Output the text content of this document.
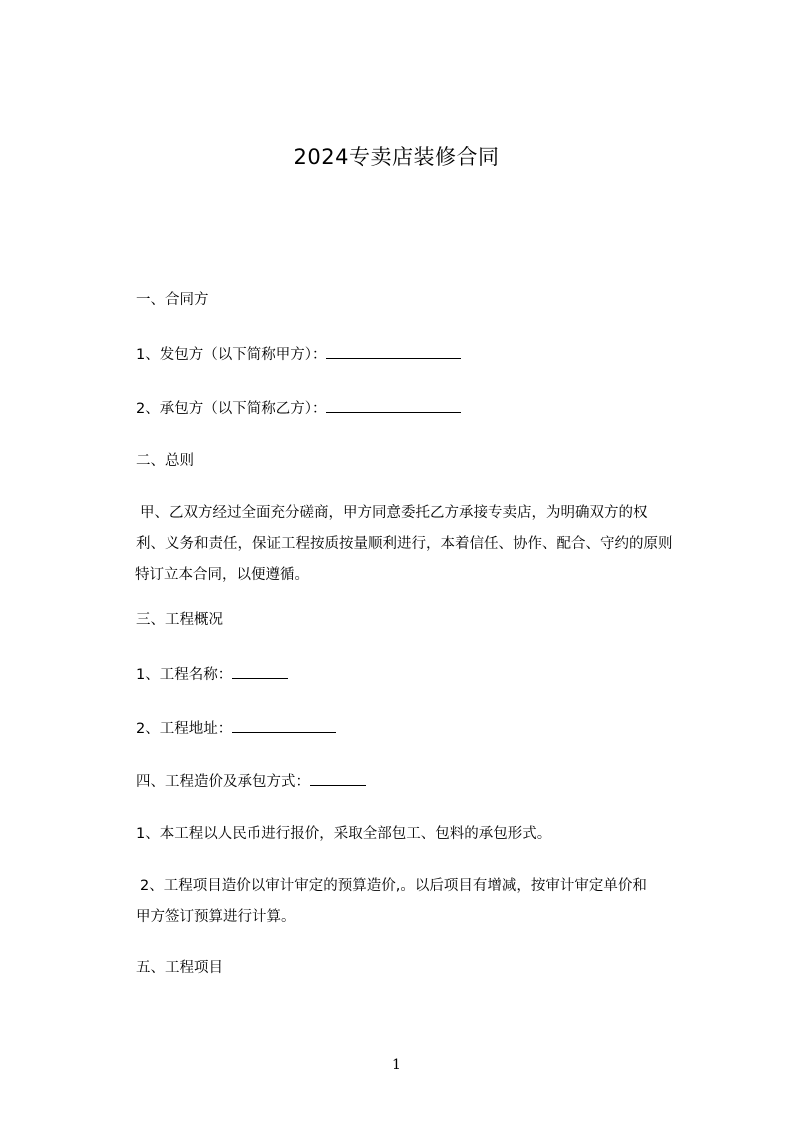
2024专卖店装修合同
一、合同方
1、发包方（以下简称甲方）：
2、承包方（以下简称乙方）：
二、总则
甲、乙双方经过全面充分磋商，甲方同意委托乙方承接专卖店，为明确双方的权
利、义务和责任，保证工程按质按量顺利进行，本着信任、协作、配合、守约的原则
特订立本合同，以便遵循。
三、工程概况
1、工程名称：
2、工程地址：
四、工程造价及承包方式：
1、本工程以人民币进行报价，采取全部包工、包料的承包形式。
2、工程项目造价以审计审定的预算造价,。以后项目有增减，按审计审定单价和
甲方签订预算进行计算。
五、工程项目
1
